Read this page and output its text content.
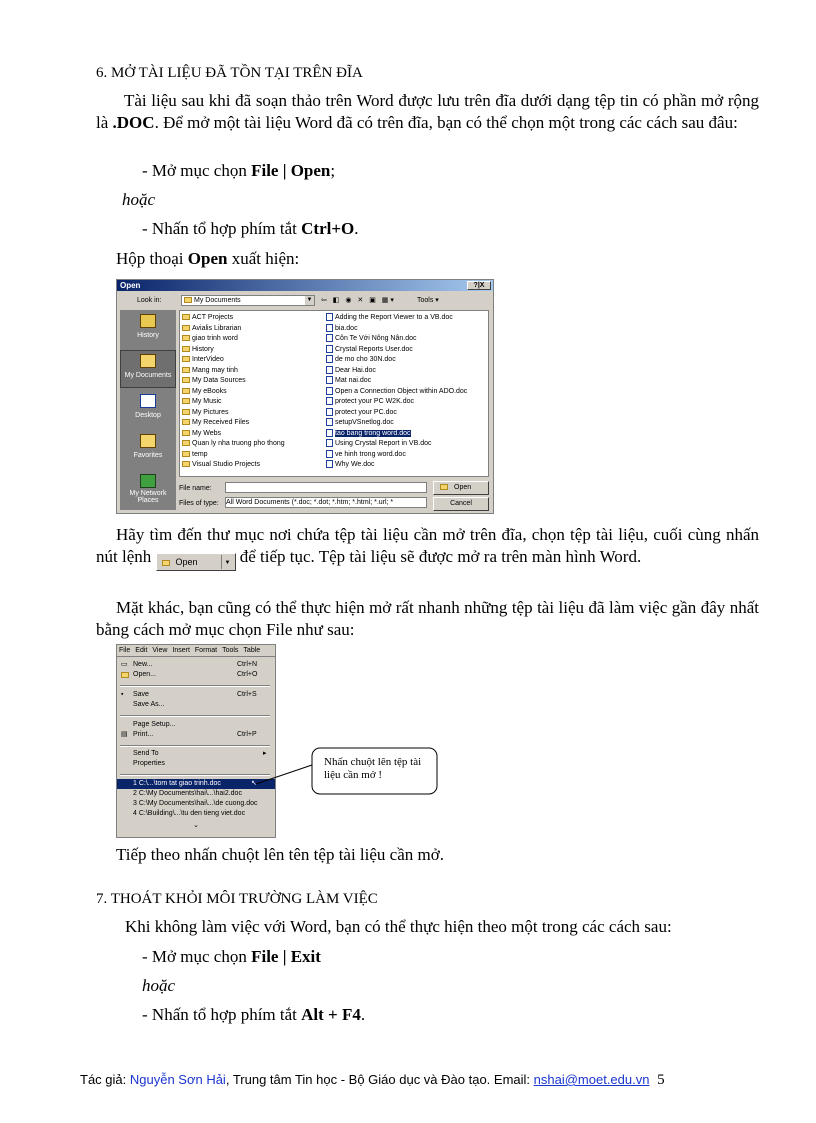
6. MỞ TÀI LIỆU ĐÃ TỒN TẠI TRÊN ĐĨA
Tài liệu sau khi đã soạn thảo trên Word được lưu trên đĩa dưới dạng tệp tin có phần mở rộng là .DOC. Để mở một tài liệu Word đã có trên đĩa, bạn có thể chọn một trong các cách sau đâu:
- Mở mục chọn File | Open;
hoặc
- Nhấn tổ hợp phím tắt Ctrl+O.
Hộp thoại Open xuất hiện:
Open	?|X
Look in:	My Documents	▼ ⇦ ◧ ◉ ✕ ▣ ▦▾	Tools ▾
History
My Documents
Desktop
Favorites
My Network Places
ACT Projects
Avialis Librarian
giao trinh word
History
InterVideo
Mang may tinh
My Data Sources
My eBooks
My Music
My Pictures
My Received Files
My Webs
Quan ly nha truong pho thong
temp
Visual Studio Projects
Adding the Report Viewer to a VB.doc
bia.doc
Côn Te Với Nông Nân.doc
Crystal Reports User.doc
de mo cho 30N.doc
Dear Hai.doc
Mat nai.doc
Open a Connection Object within ADO.doc
protect your PC W2K.doc
protect your PC.doc
setupVSnetlog.doc
tao bang trong word.doc
Using Crystal Report in VB.doc
ve hinh trong word.doc
Why We.doc
File name:
Files of type: All Word Documents (*.doc; *.dot; *.htm; *.html; *.url; *
Open
Cancel
Hãy tìm đến thư mục nơi chứa tệp tài liệu cần mở trên đĩa, chọn tệp tài liệu, cuối cùng nhấn nút lệnh	Open	▼ để tiếp tục. Tệp tài liệu sẽ được mở ra trên màn hình Word.
Mặt khác, bạn cũng có thể thực hiện mở rất nhanh những tệp tài liệu đã làm việc gần đây nhất bằng cách mở mục chọn File như sau:
File Edit View Insert Format Tools Table
▭ New...	Ctrl+N
Open...	Ctrl+O
▪ Save	Ctrl+S
Save As...
Page Setup...
▤ Print...	Ctrl+P
Send To	▸
Properties
1 C:\...\tom tat giao trinh.doc	↖
2 C:\My Documents\hai\...\hai2.doc
3 C:\My Documents\hai\...\de cuong.doc
4 C:\Building\...\tu den tieng viet.doc
⌄
Nhấn chuột lên tệp tài liệu cần mở !
Tiếp theo nhấn chuột lên tên tệp tài liệu cần mở.
7. THOÁT KHỎI MÔI TRƯỜNG LÀM VIỆC
Khi không làm việc với Word, bạn có thể thực hiện theo một trong các cách sau:
- Mở mục chọn File | Exit
hoặc
- Nhấn tổ hợp phím tắt Alt + F4.
Tác giả: Nguyễn Sơn Hải, Trung tâm Tin học - Bộ Giáo dục và Đào tạo. Email: nshai@moet.edu.vn 5
